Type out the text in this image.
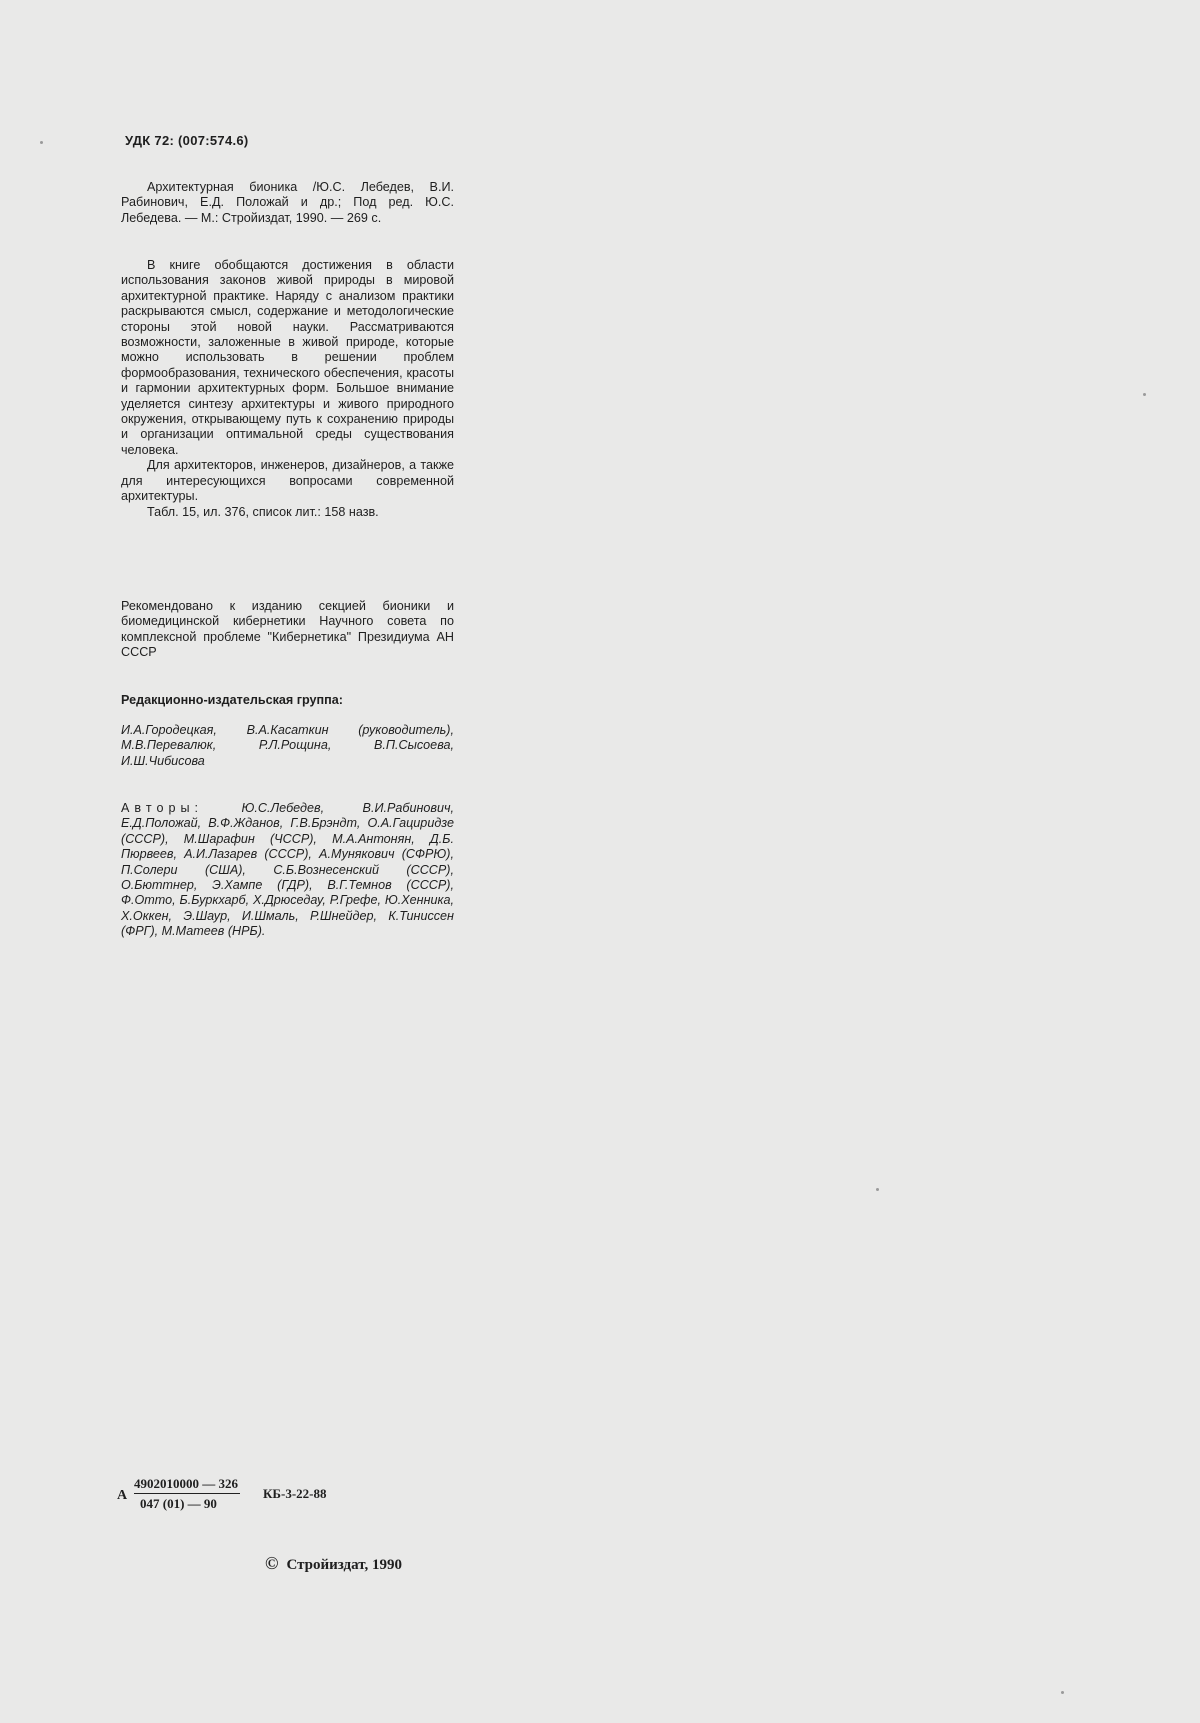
УДК 72: (007:574.6)

Архитектурная бионика /Ю.С. Лебедев, В.И. Рабинович, Е.Д. Положай и др.; Под ред. Ю.С. Лебедева. — М.: Стройиздат, 1990. — 269 с.

В книге обобщаются достижения в области использования законов живой природы в мировой архитектурной практике. Наряду с анализом практики раскрываются смысл, содержание и методологические стороны этой новой науки. Рассматриваются возможности, заложенные в живой природе, которые можно использовать в решении проблем формообразования, технического обеспечения, красоты и гармонии архитектурных форм. Большое внимание уделяется синтезу архитектуры и живого природного окружения, открывающему путь к сохранению природы и организации оптимальной среды существования человека.

Для архитекторов, инженеров, дизайнеров, а также для интересующихся вопросами современной архитектуры.

Табл. 15, ил. 376, список лит.: 158 назв.

Рекомендовано к изданию секцией бионики и биомедицинской кибернетики Научного совета по комплексной проблеме "Кибернетика" Президиума АН СССР

Редакционно-издательская группа:

И.А.Городецкая, В.А.Касаткин (руководитель), М.В.Перевалюк, Р.Л.Рощина, В.П.Сысоева, И.Ш.Чибисова

Авторы:	Ю.С.Лебедев, В.И.Рабинович, Е.Д.Положай, В.Ф.Жданов, Г.В.Брэндт, О.А.Гациридзе (СССР), М.Шарафин (ЧССР), М.А.Антонян, Д.Б. Пюрвеев, А.И.Лазарев (СССР), А.Мунякович (СФРЮ), П.Солери (США), С.Б.Вознесенский (СССР), О.Бюттнер, Э.Хампе (ГДР), В.Г.Темнов (СССР), Ф.Отто, Б.Буркхарб, Х.Дрюседау, Р.Грефе, Ю.Хенника, Х.Оккен, Э.Шаур, И.Шмаль, Р.Шнейдер, К.Тиниссен (ФРГ), М.Матеев (НРБ).

А
4902010000 — 326
047 (01) — 90
КБ-3-22-88
© Стройиздат, 1990
